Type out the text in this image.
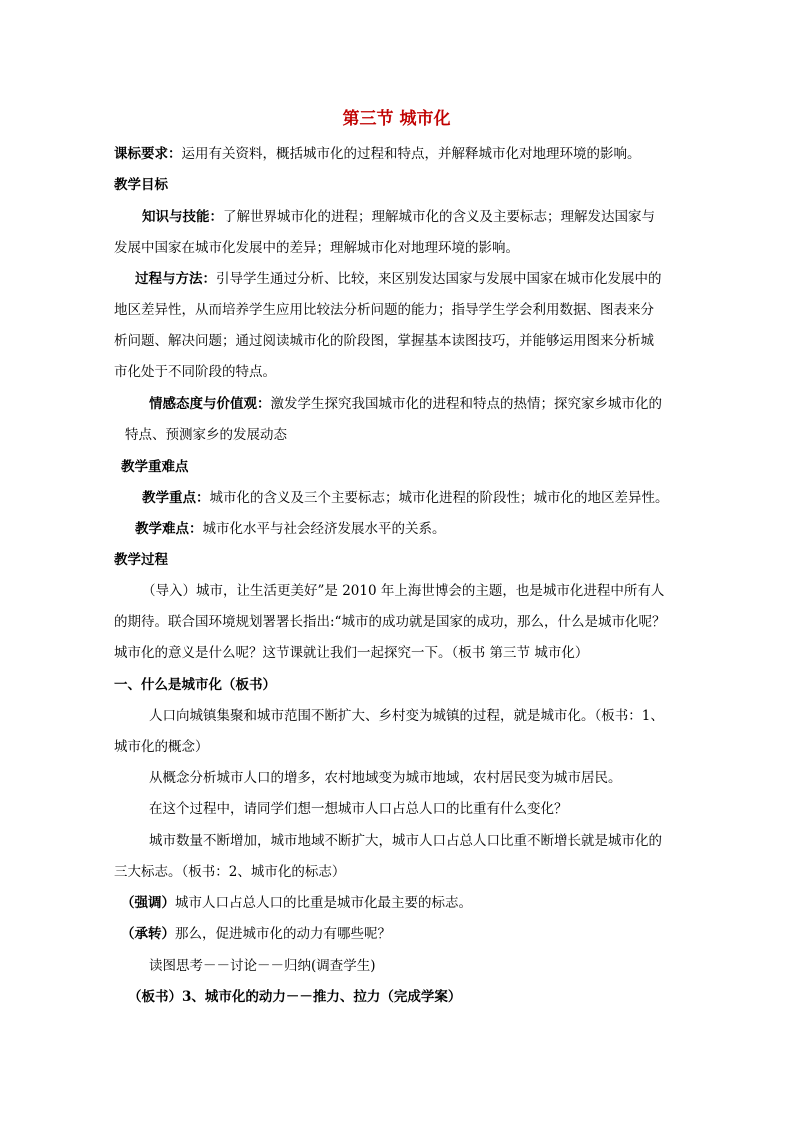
第三节 城市化
课标要求：运用有关资料，概括城市化的过程和特点，并解释城市化对地理环境的影响。
教学目标
知识与技能：了解世界城市化的进程；理解城市化的含义及主要标志；理解发达国家与
发展中国家在城市化发展中的差异；理解城市化对地理环境的影响。
过程与方法：引导学生通过分析、比较，来区别发达国家与发展中国家在城市化发展中的
地区差异性，从而培养学生应用比较法分析问题的能力；指导学生学会利用数据、图表来分
析问题、解决问题；通过阅读城市化的阶段图，掌握基本读图技巧，并能够运用图来分析城
市化处于不同阶段的特点。
情感态度与价值观：激发学生探究我国城市化的进程和特点的热情；探究家乡城市化的
特点、预测家乡的发展动态
教学重难点
教学重点：城市化的含义及三个主要标志；城市化进程的阶段性；城市化的地区差异性。
教学难点：城市化水平与社会经济发展水平的关系。
教学过程
（导入）城市，让生活更美好”是 2010 年上海世博会的主题，也是城市化进程中所有人
的期待。联合国环境规划署署长指出:“城市的成功就是国家的成功，那么，什么是城市化呢？
城市化的意义是什么呢？这节课就让我们一起探究一下。（板书 第三节 城市化）
一、什么是城市化（板书）
人口向城镇集聚和城市范围不断扩大、乡村变为城镇的过程，就是城市化。（板书：1、
城市化的概念）
从概念分析城市人口的增多，农村地域变为城市地域，农村居民变为城市居民。
在这个过程中，请同学们想一想城市人口占总人口的比重有什么变化？
城市数量不断增加，城市地域不断扩大，城市人口占总人口比重不断增长就是城市化的
三大标志。（板书：2、城市化的标志）
（强调）城市人口占总人口的比重是城市化最主要的标志。
（承转）那么，促进城市化的动力有哪些呢？
读图思考－－讨论－－归纳(调查学生)
（板书）3、城市化的动力－－推力、拉力（完成学案）
